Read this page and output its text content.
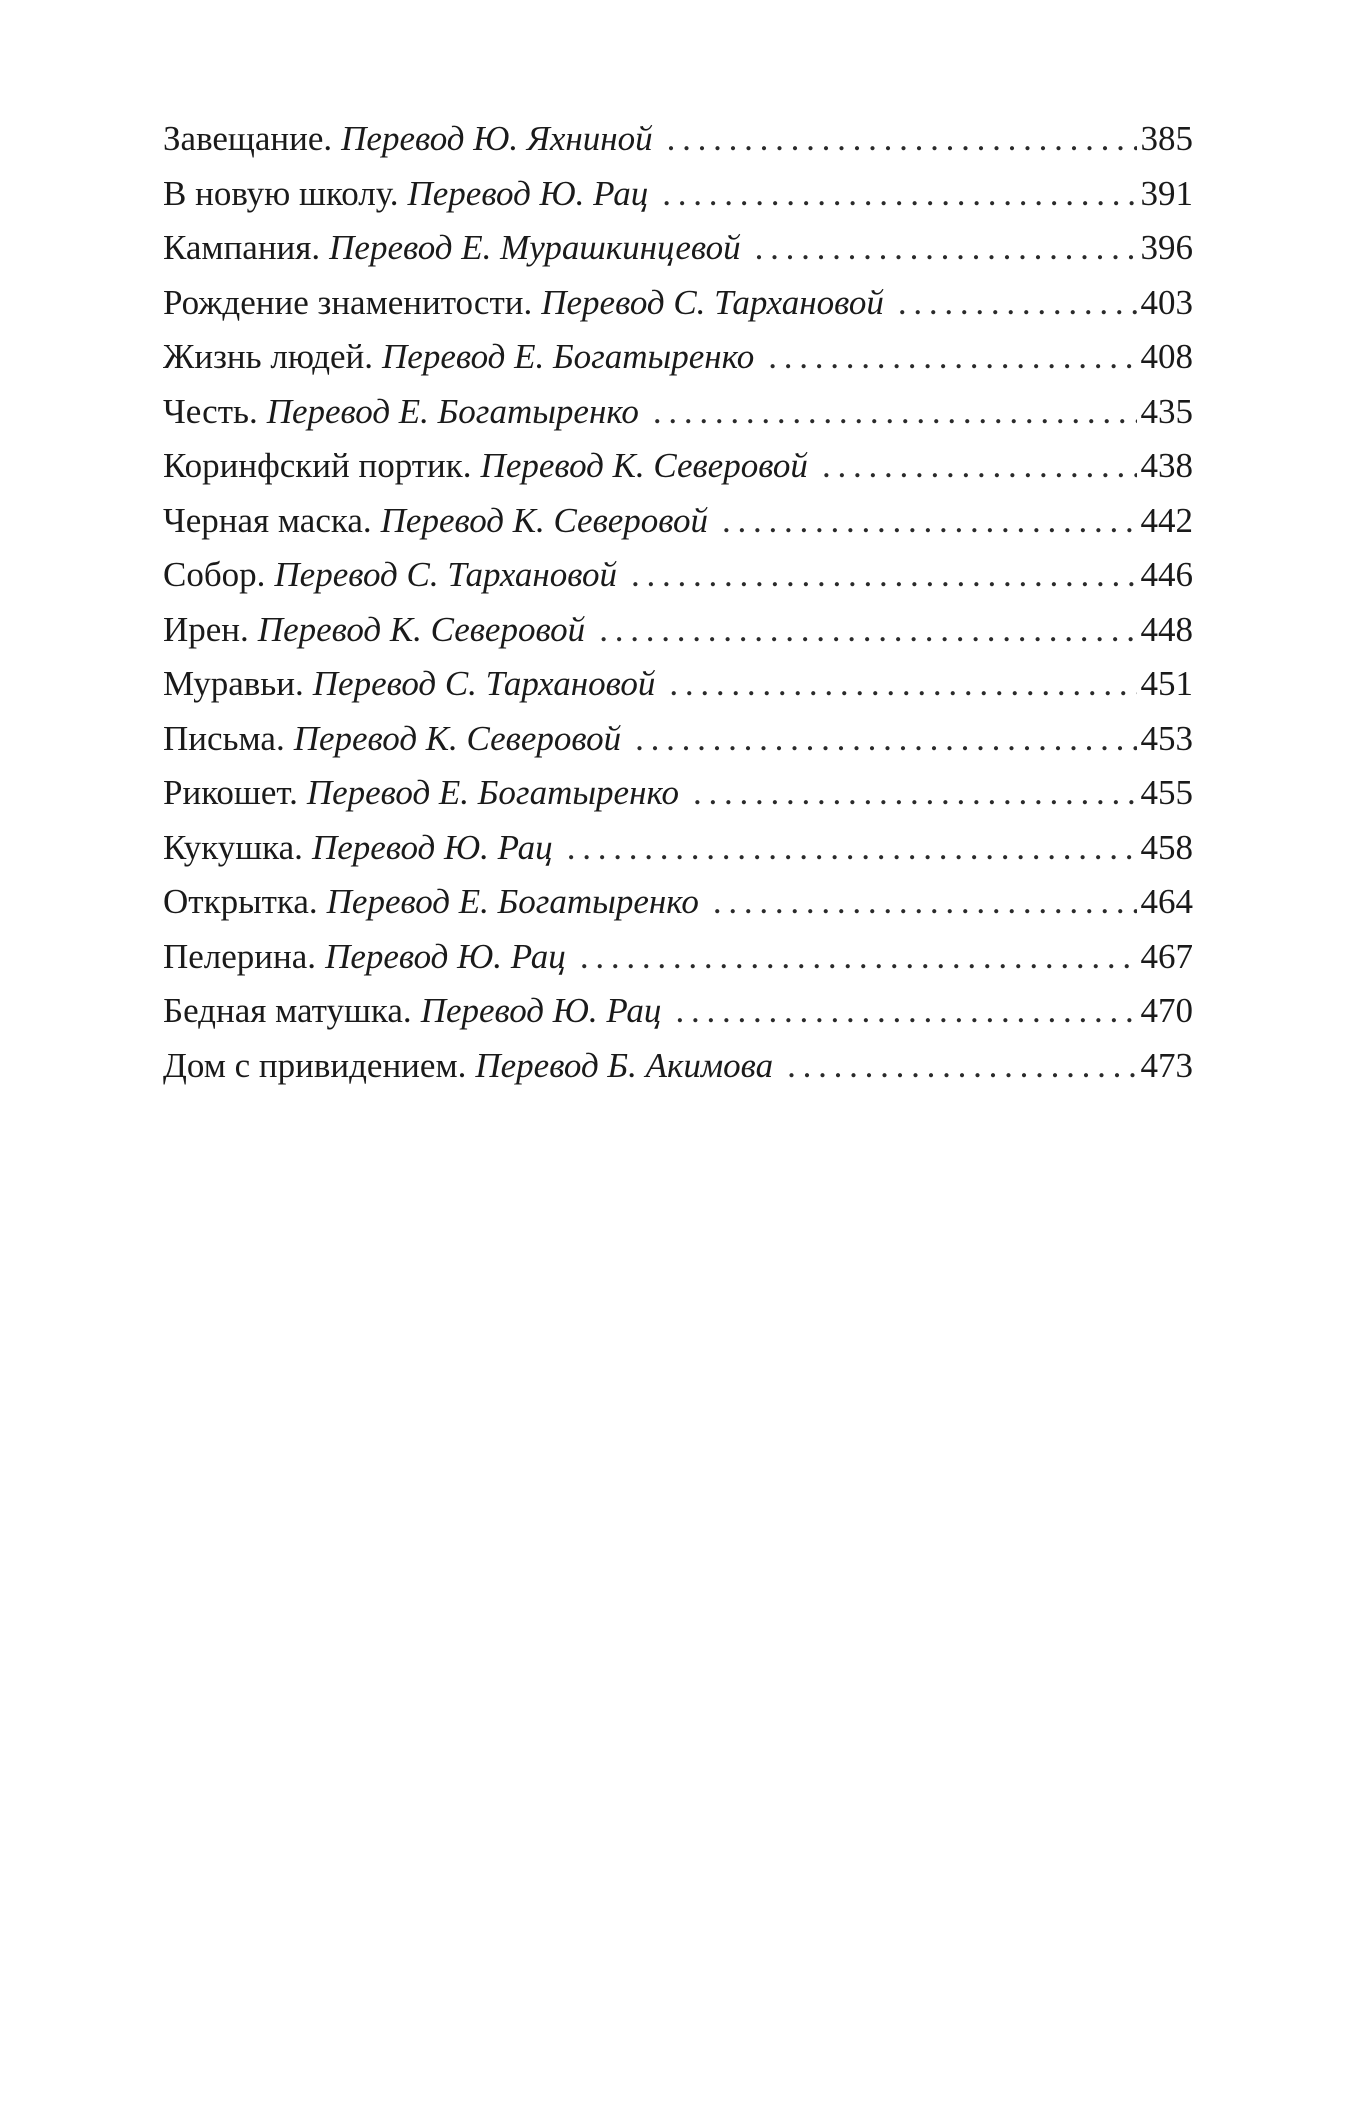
Завещание. Перевод Ю. Яхниной . . .	385
В новую школу. Перевод Ю. Рац . . .	391
Кампания. Перевод Е. Мурашкинцевой . . .	396
Рождение знаменитости. Перевод С. Тархановой . . .	403
Жизнь людей. Перевод Е. Богатыренко . . .	408
Честь. Перевод Е. Богатыренко . . .	435
Коринфский портик. Перевод К. Северовой . . .	438
Черная маска. Перевод К. Северовой . . .	442
Собор. Перевод С. Тархановой . . .	446
Ирен. Перевод К. Северовой . . .	448
Муравьи. Перевод С. Тархановой . . .	451
Письма. Перевод К. Северовой . . .	453
Рикошет. Перевод Е. Богатыренко . . .	455
Кукушка. Перевод Ю. Рац . . .	458
Открытка. Перевод Е. Богатыренко . . .	464
Пелерина. Перевод Ю. Рац . . .	467
Бедная матушка. Перевод Ю. Рац . . .	470
Дом с привидением. Перевод Б. Акимова . . .	473
